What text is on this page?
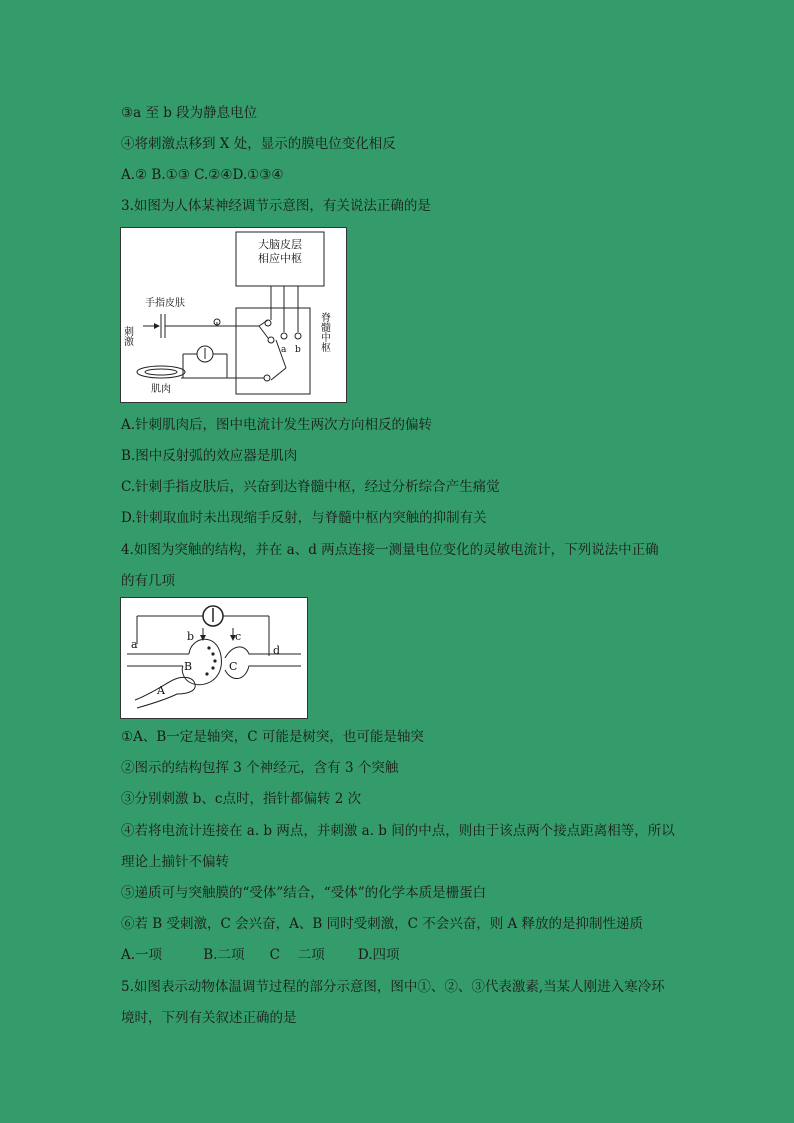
③a 至 b 段为静息电位
④将刺激点移到 X 处，显示的膜电位变化相反
A.② B.①③ C.②④D.①③④
3.如图为人体某神经调节示意图，有关说法正确的是
大脑皮层
相应中枢
脊髓中枢
a b
手指皮肤
刺激
肌肉
A.针刺肌肉后，图中电流计发生两次方向相反的偏转
B.图中反射弧的效应器是肌肉
C.针刺手指皮肤后，兴奋到达脊髓中枢，经过分析综合产生痛觉
D.针刺取血时未出现缩手反射，与脊髓中枢内突触的抑制有关
4.如图为突触的结构，并在 a、d 两点连接一测量电位变化的灵敏电流计，下列说法中正确
的有几项
a	d
B
b
C
c
A
①A、B一定是轴突，C 可能是树突，也可能是轴突
②图示的结构包挥 3 个神经元，含有 3 个突触
③分别刺激 b、c点时，指针都偏转 2 次
④若将电流计连接在 a. b 两点，并刺激 a. b 间的中点，则由于该点两个接点距离相等，所以
理论上揃针不偏转
⑤递质可与突触膜的“受体”结合，“受体”的化学本质是栅蛋白
⑥若 B 受刺激，C 会兴奋，A、B 同时受刺激，C 不会兴奋，则 A 释放的是抑制性递质
A.一项	B.二项 C　 二项 D.四项
5.如图表示动物体温调节过程的部分示意图，图中①、②、③代表激素,当某人刚进入寒冷环
境时，下列有关叙述正确的是
